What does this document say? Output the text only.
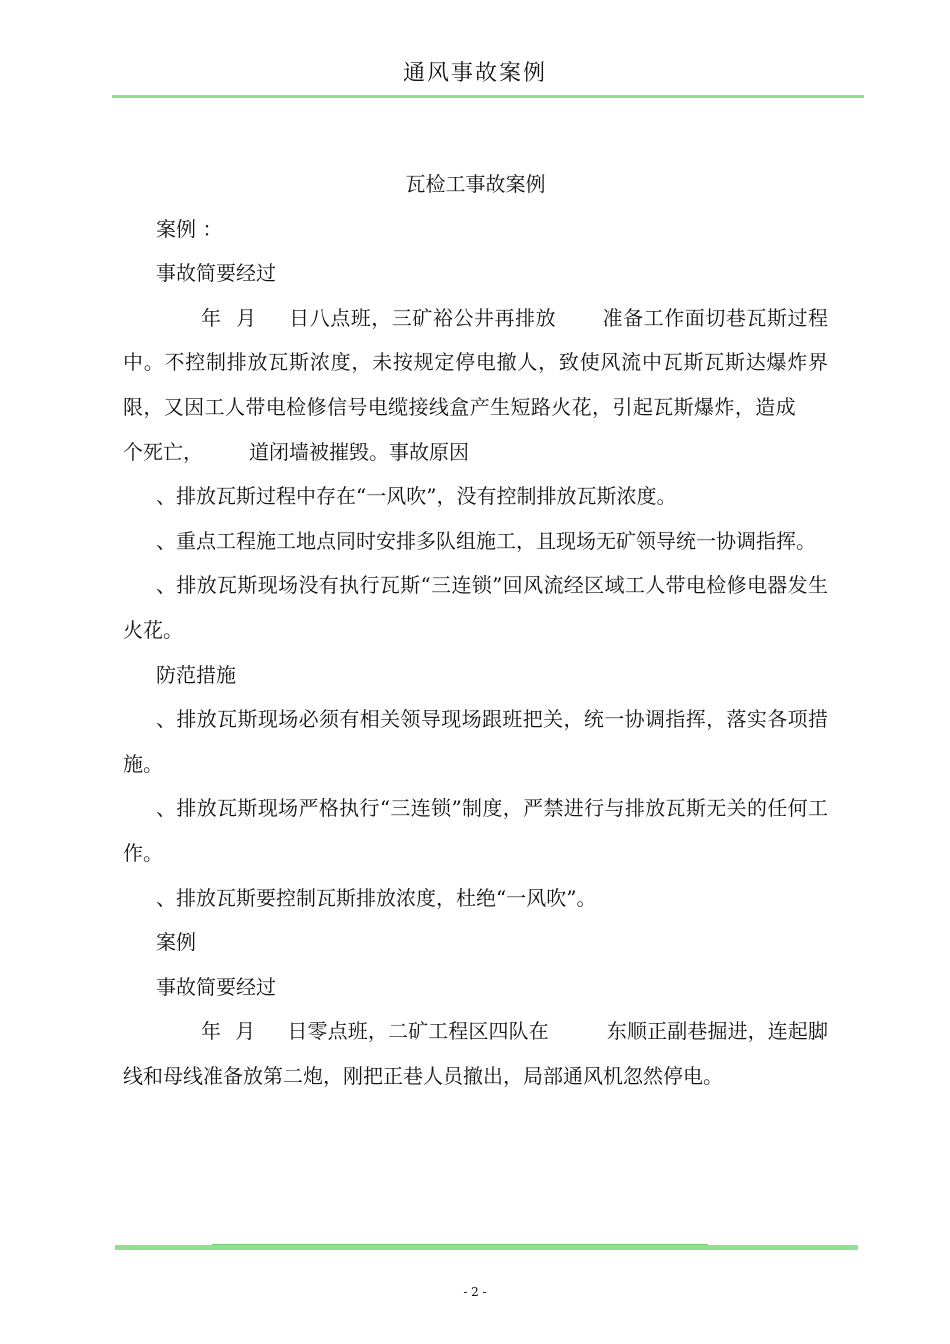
通风事故案例
瓦检工事故案例

案例 ：

事故简要经过

年 月 日八点班，三矿裕公井再排放 准备工作面切巷瓦斯过程中。不控制排放瓦斯浓度，未按规定停电撤人，致使风流中瓦斯瓦斯达爆炸界限，又因工人带电检修信号电缆接线盒产生短路火花，引起瓦斯爆炸，造成个死亡， 道闭墙被摧毁。事故原因

、排放瓦斯过程中存在“一风吹”，没有控制排放瓦斯浓度。

、重点工程施工地点同时安排多队组施工，且现场无矿领导统一协调指挥。

、排放瓦斯现场没有执行瓦斯“三连锁”回风流经区域工人带电检修电器发生火花。

防范措施

、排放瓦斯现场必须有相关领导现场跟班把关，统一协调指挥，落实各项措施。

、排放瓦斯现场严格执行“三连锁”制度，严禁进行与排放瓦斯无关的任何工作。

、排放瓦斯要控制瓦斯排放浓度，杜绝“一风吹”。

案例

事故简要经过

年 月 日零点班，二矿工程区四队在	东顺正副巷掘进，连起脚线和母线准备放第二炮，刚把正巷人员撤出，局部通风机忽然停电。

- 2 -
